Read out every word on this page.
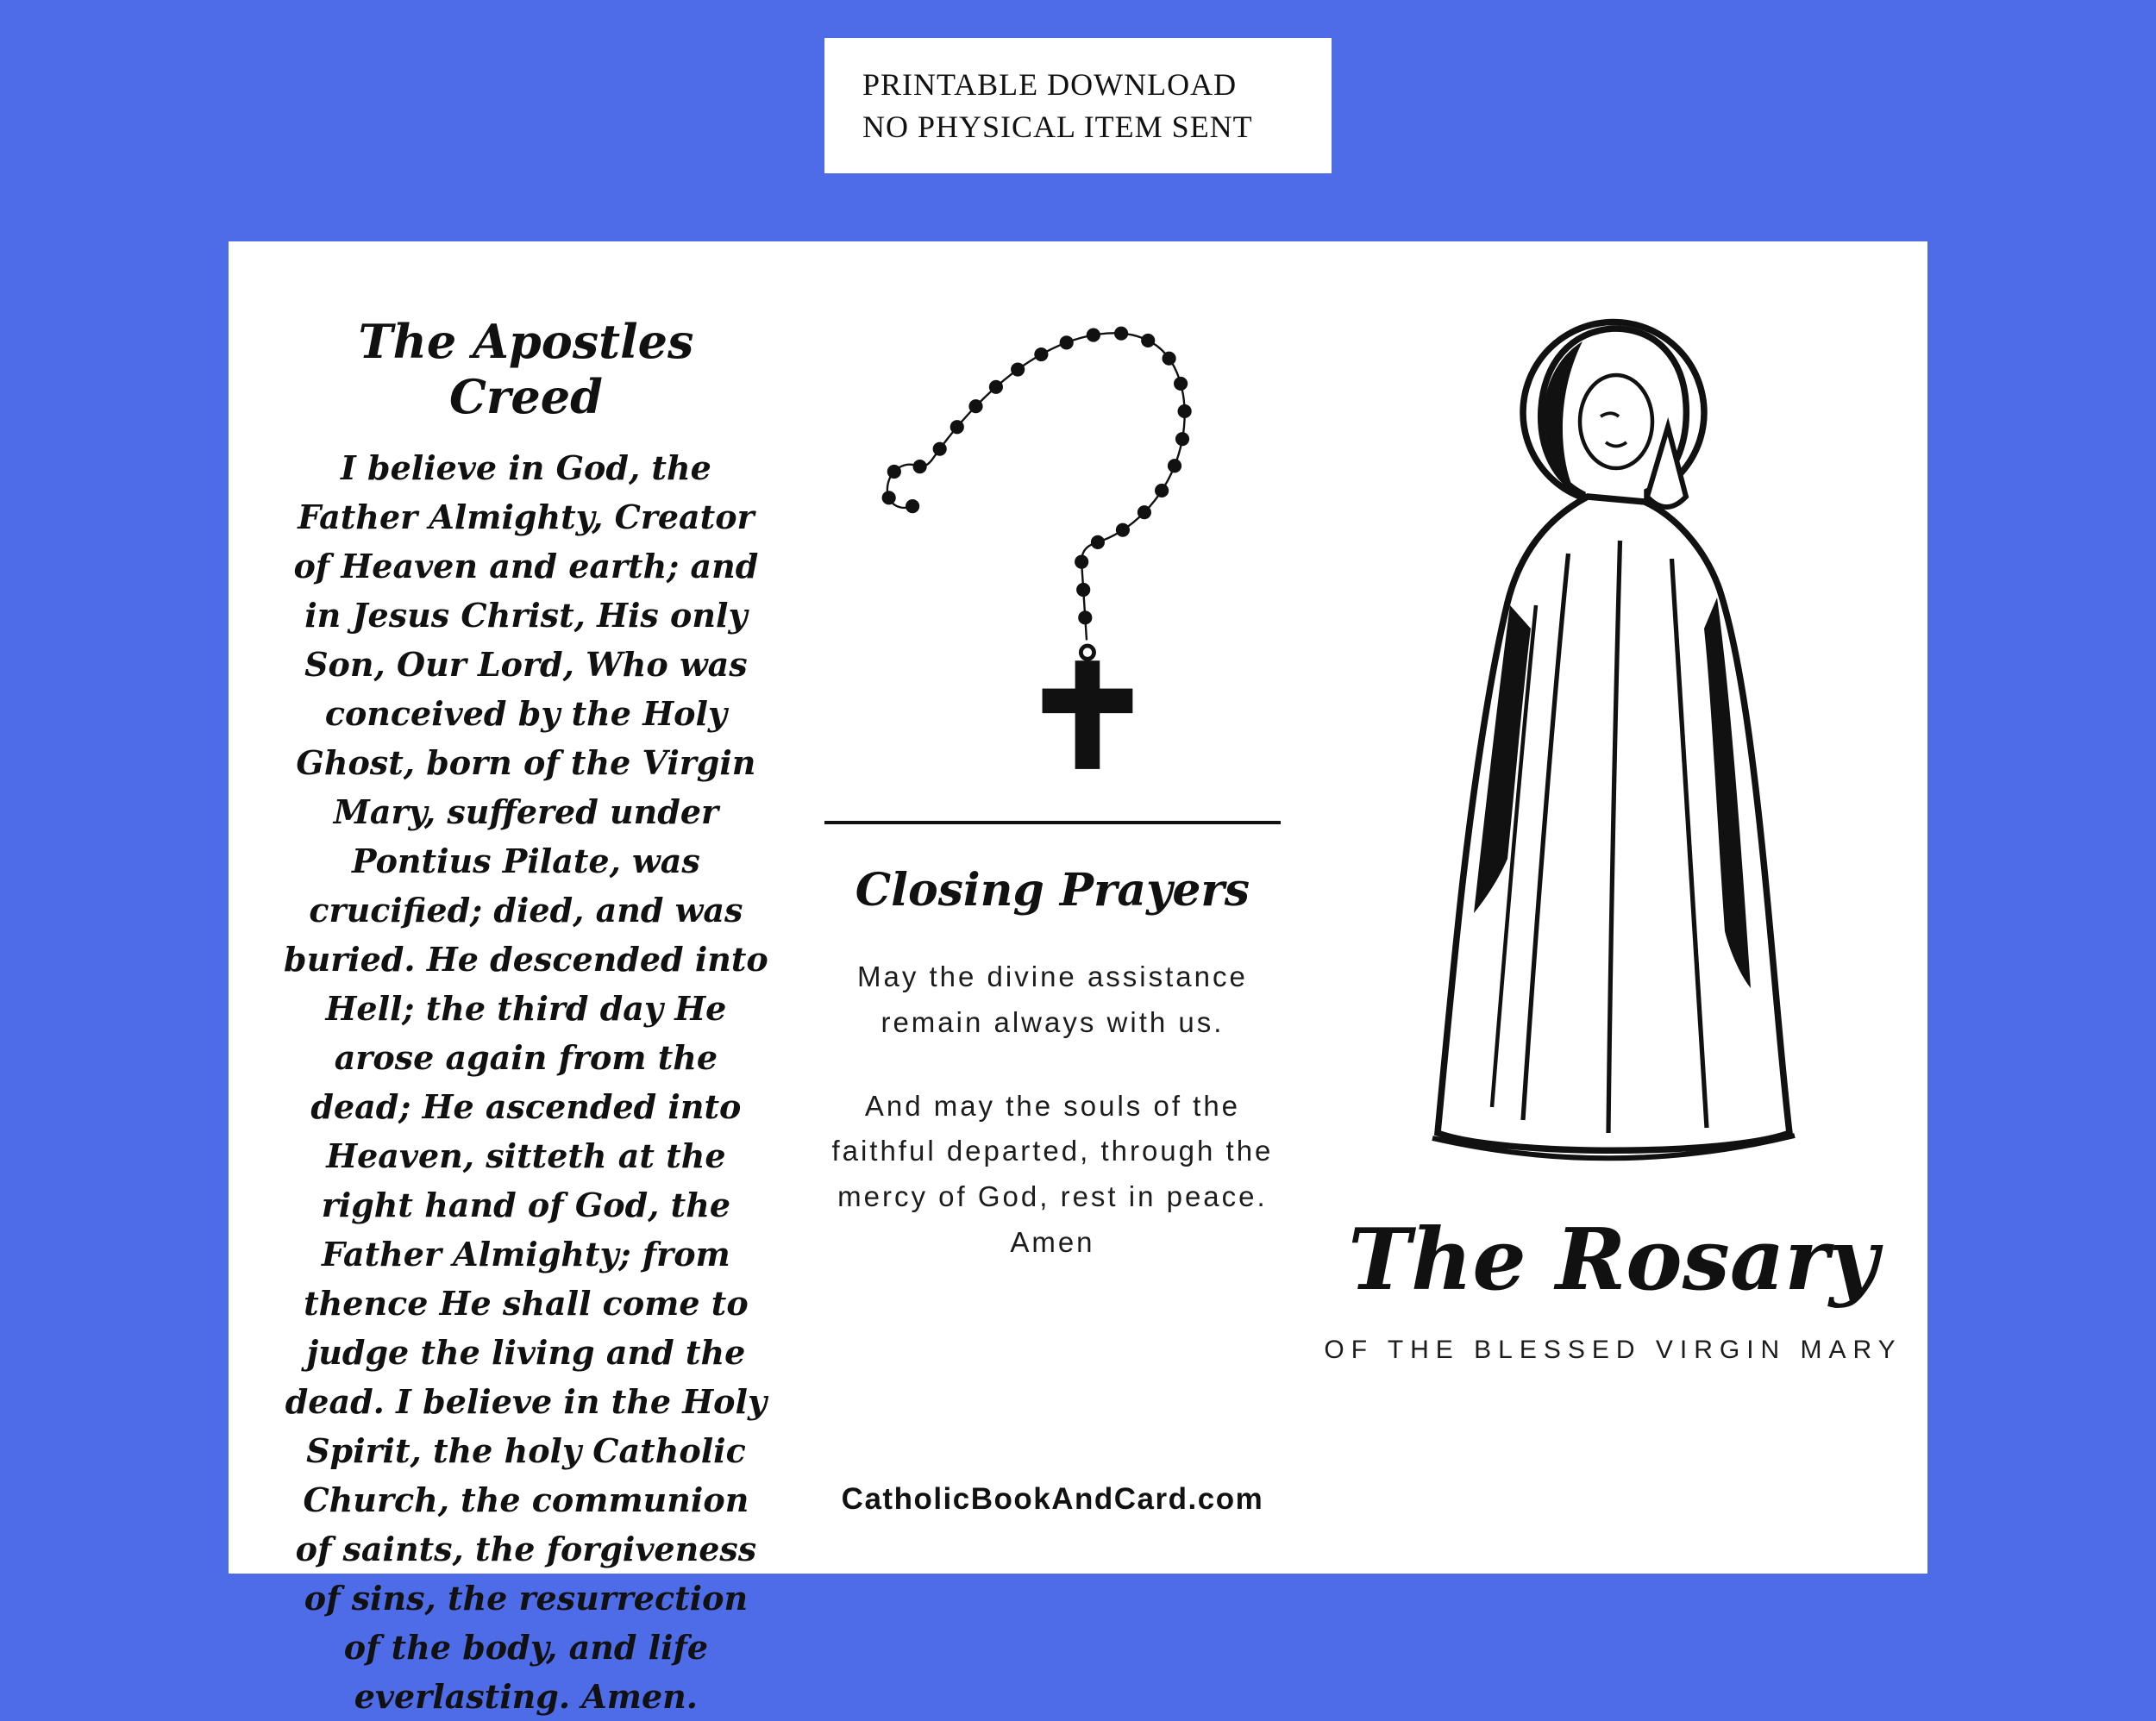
PRINTABLE DOWNLOAD
NO PHYSICAL ITEM SENT
The Apostles Creed
I believe in God, the Father Almighty, Creator of Heaven and earth; and in Jesus Christ, His only Son, Our Lord, Who was conceived by the Holy Ghost, born of the Virgin Mary, suffered under Pontius Pilate, was crucified; died, and was buried. He descended into Hell; the third day He arose again from the dead; He ascended into Heaven, sitteth at the right hand of God, the Father Almighty; from thence He shall come to judge the living and the dead. I believe in the Holy Spirit, the holy Catholic Church, the communion of saints, the forgiveness of sins, the resurrection of the body, and life everlasting. Amen.
Closing Prayers
May the divine assistance remain always with us.
And may the souls of the faithful departed, through the mercy of God, rest in peace. Amen
CatholicBookAndCard.com
The Rosary
OF THE BLESSED VIRGIN MARY
